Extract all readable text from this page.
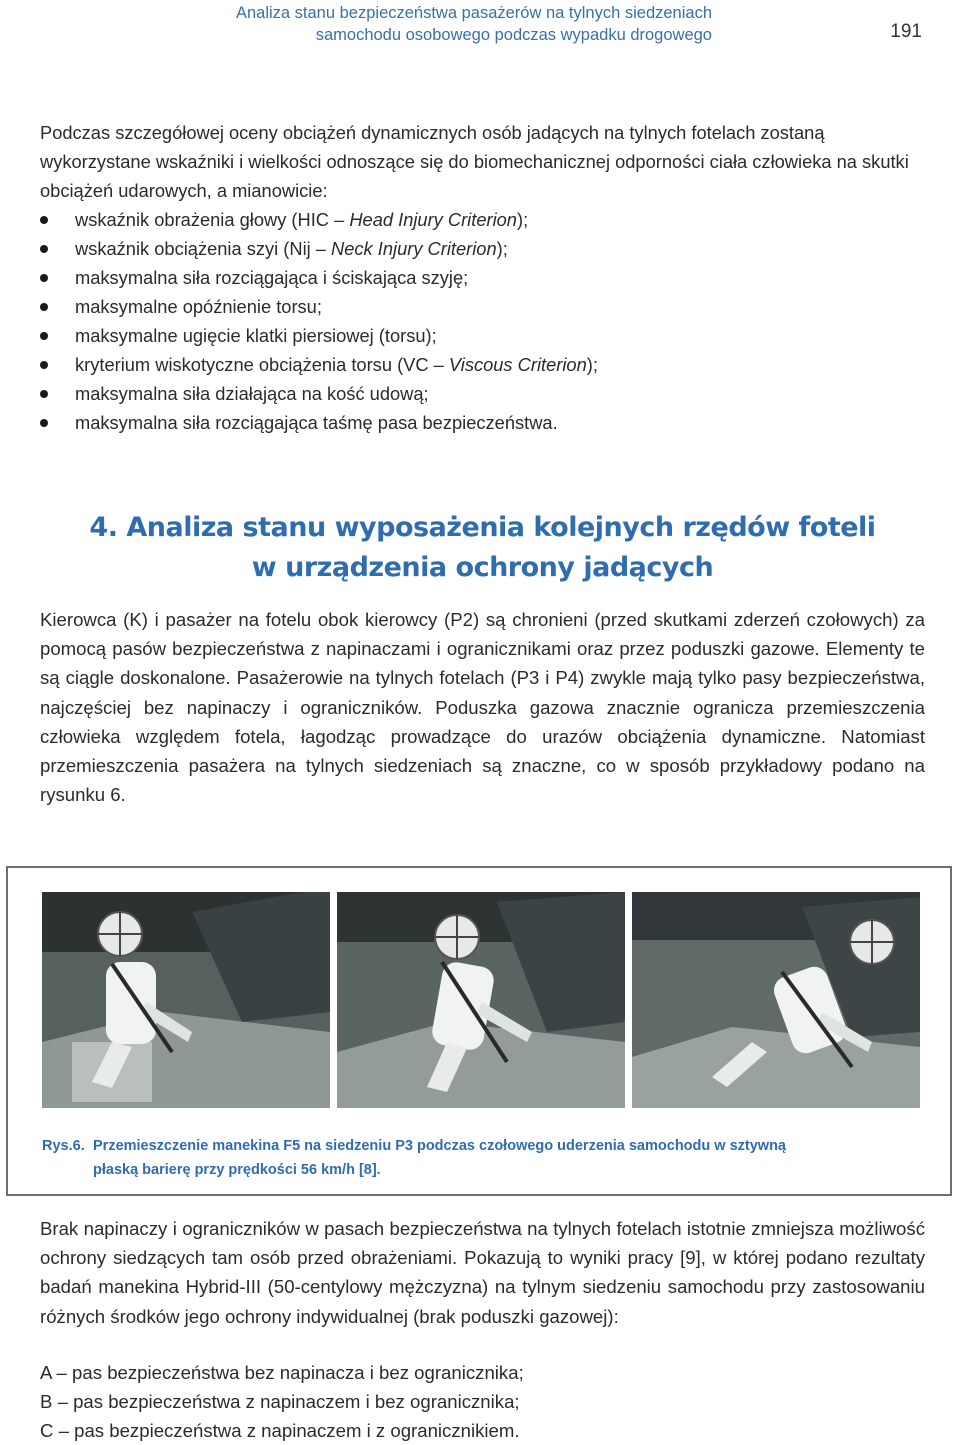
Analiza stanu bezpieczeństwa pasażerów na tylnych siedzeniach
samochodu osobowego podczas wypadku drogowego	191

Podczas szczegółowej oceny obciążeń dynamicznych osób jadących na tylnych fotelach zostaną wykorzystane wskaźniki i wielkości odnoszące się do biomechanicznej odporności ciała człowieka na skutki obciążeń udarowych, a mianowicie:

wskaźnik obrażenia głowy (HIC – Head Injury Criterion);
wskaźnik obciążenia szyi (Nij – Neck Injury Criterion);
maksymalna siła rozciągająca i ściskająca szyję;
maksymalne opóźnienie torsu;
maksymalne ugięcie klatki piersiowej (torsu);
kryterium wiskotyczne obciążenia torsu (VC – Viscous Criterion);
maksymalna siła działająca na kość udową;
maksymalna siła rozciągająca taśmę pasa bezpieczeństwa.
4. Analiza stanu wyposażenia kolejnych rzędów foteli
w urządzenia ochrony jadących

Kierowca (K) i pasażer na fotelu obok kierowcy (P2) są chronieni (przed skutkami zderzeń czołowych) za pomocą pasów bezpieczeństwa z napinaczami i ogranicznikami oraz przez poduszki gazowe. Elementy te są ciągle doskonalone. Pasażerowie na tylnych fotelach (P3 i P4) zwykle mają tylko pasy bezpieczeństwa, najczęściej bez napinaczy i ograniczników. Poduszka gazowa znacznie ogranicza przemieszczenia człowieka względem fotela, łagodząc prowadzące do urazów obciążenia dynamiczne. Natomiast przemieszczenia pasażera na tylnych siedzeniach są znaczne, co w sposób przykładowy podano na rysunku 6.

Rys.6. Przemieszczenie manekina F5 na siedzeniu P3 podczas czołowego uderzenia samochodu w sztywną
płaską barierę przy prędkości 56 km/h [8].

Brak napinaczy i ograniczników w pasach bezpieczeństwa na tylnych fotelach istotnie zmniejsza możliwość ochrony siedzących tam osób przed obrażeniami. Pokazują to wyniki pracy [9], w której podano rezultaty badań manekina Hybrid-III (50-centylowy mężczyzna) na tylnym siedzeniu samochodu przy zastosowaniu różnych środków jego ochrony indywidualnej (brak poduszki gazowej):

A – pas bezpieczeństwa bez napinacza i bez ogranicznika;
B – pas bezpieczeństwa z napinaczem i bez ogranicznika;
C – pas bezpieczeństwa z napinaczem i z ogranicznikiem.
